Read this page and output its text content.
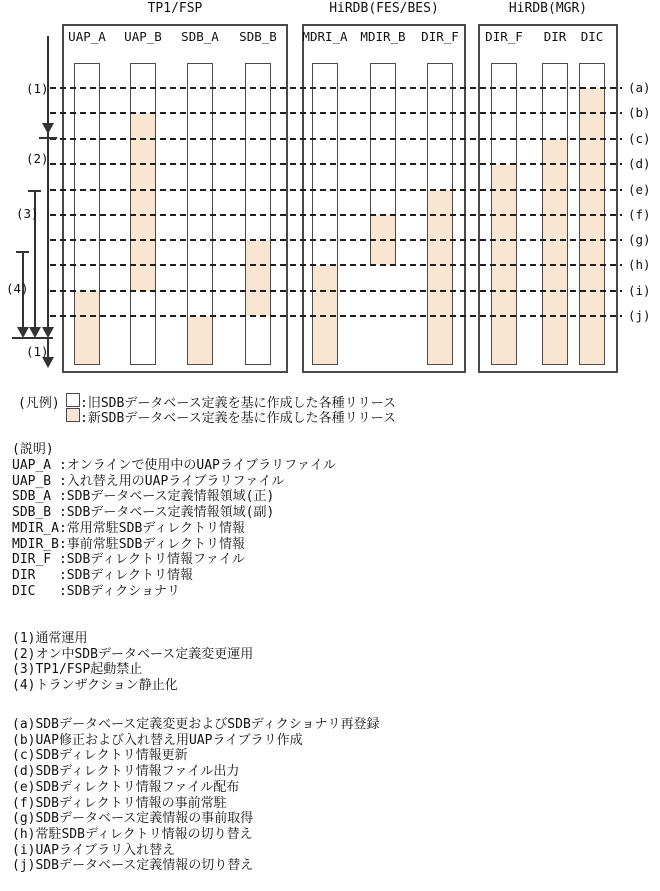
TP1/FSP
UAP_A	UAP_B	SDB_A	SDB_B
HiRDB(FES/BES)
MDRI_A	MDIR_B	DIR_F
HiRDB(MGR)
DIR_F	DIR	DIC
(a)
(b)
(c)
(d)
(e)
(f)
(g)
(h)
(i)
(j)
(1)
(2)
(3)
(4)
(1)
(凡例) :旧SDBデータベース定義を基に作成した各種リリース
:新SDBデータベース定義を基に作成した各種リリース
(説明)
UAP_A :オンラインで使用中のUAPライブラリファイル
UAP_B :入れ替え用のUAPライブラリファイル
SDB_A :SDBデータベース定義情報領域(正)
SDB_B :SDBデータベース定義情報領域(副)
MDIR_A:常用常駐SDBディレクトリ情報
MDIR_B:事前常駐SDBディレクトリ情報
DIR_F :SDBディレクトリ情報ファイル
DIR   :SDBディレクトリ情報
DIC   :SDBディクショナリ
(1)通常運用
(2)オン中SDBデータベース定義変更運用
(3)TP1/FSP起動禁止
(4)トランザクション静止化
(a)SDBデータベース定義変更およびSDBディクショナリ再登録
(b)UAP修正および入れ替え用UAPライブラリ作成
(c)SDBディレクトリ情報更新
(d)SDBディレクトリ情報ファイル出力
(e)SDBディレクトリ情報ファイル配布
(f)SDBディレクトリ情報の事前常駐
(g)SDBデータベース定義情報の事前取得
(h)常駐SDBディレクトリ情報の切り替え
(i)UAPライブラリ入れ替え
(j)SDBデータベース定義情報の切り替え
